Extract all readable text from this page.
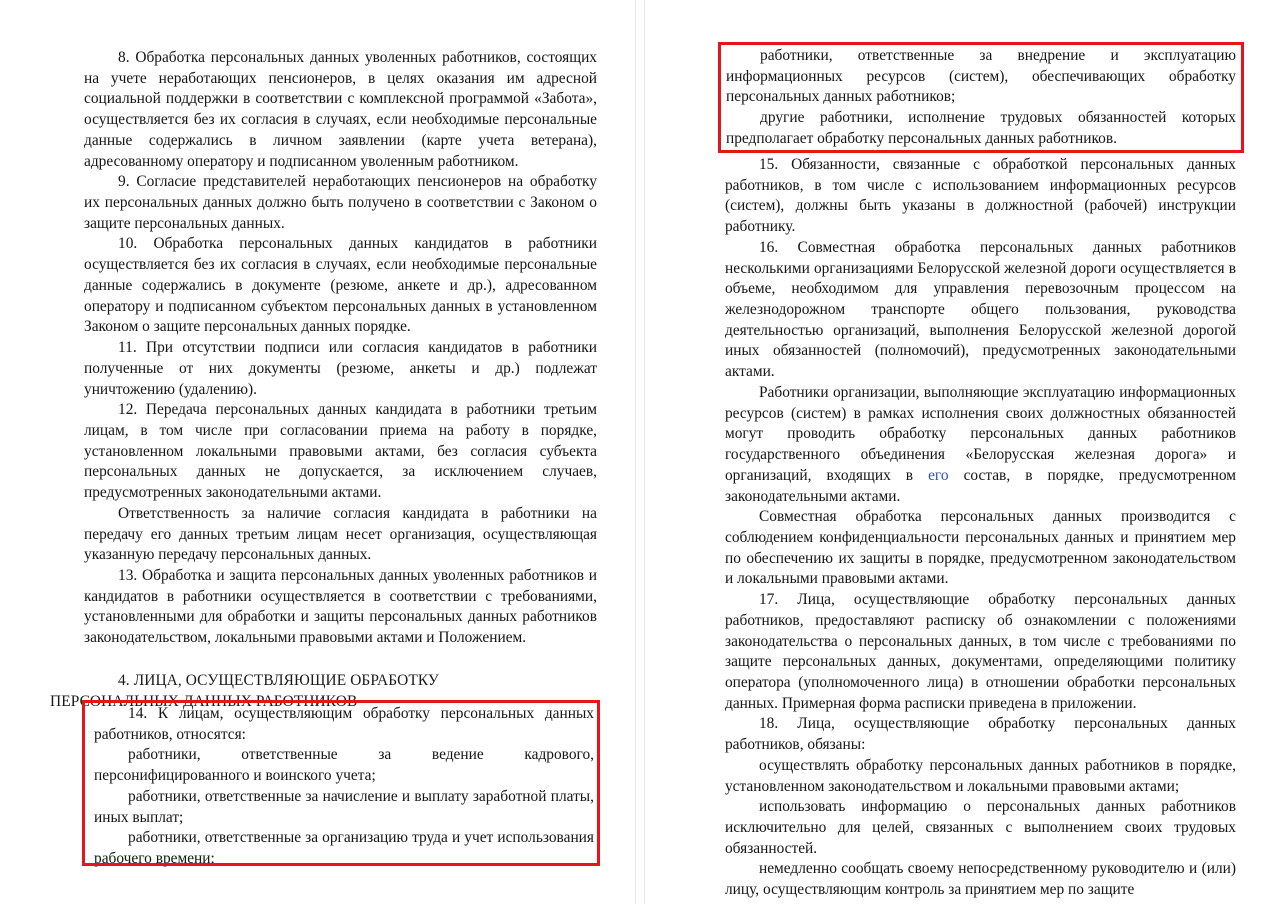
8. Обработка персональных данных уволенных работников, состоящих на учете неработающих пенсионеров, в целях оказания им адресной социальной поддержки в соответствии с комплексной программой «Забота», осуществляется без их согласия в случаях, если необходимые персональные данные содержались в личном заявлении (карте учета ветерана), адресованному оператору и подписанном уволенным работником.

9. Согласие представителей неработающих пенсионеров на обработку их персональных данных должно быть получено в соответствии с Законом о защите персональных данных.

10. Обработка персональных данных кандидатов в работники осуществляется без их согласия в случаях, если необходимые персональные данные содержались в документе (резюме, анкете и др.), адресованном оператору и подписанном субъектом персональных данных в установленном Законом о защите персональных данных порядке.

11. При отсутствии подписи или согласия кандидатов в работники полученные от них документы (резюме, анкеты и др.) подлежат уничтожению (удалению).

12. Передача персональных данных кандидата в работники третьим лицам, в том числе при согласовании приема на работу в порядке, установленном локальными правовыми актами, без согласия субъекта персональных данных не допускается, за исключением случаев, предусмотренных законодательными актами.

Ответственность за наличие согласия кандидата в работники на передачу его данных третьим лицам несет организация, осуществляющая указанную передачу персональных данных.

13. Обработка и защита персональных данных уволенных работников и кандидатов в работники осуществляется в соответствии с требованиями, установленными для обработки и защиты персональных данных работников законодательством, локальными правовыми актами и Положением.

4. ЛИЦА, ОСУЩЕСТВЛЯЮЩИЕ ОБРАБОТКУ
ПЕРСОНАЛЬНЫХ ДАННЫХ РАБОТНИКОВ

15. Обязанности, связанные с обработкой персональных данных работников, в том числе с использованием информационных ресурсов (систем), должны быть указаны в должностной (рабочей) инструкции работнику.

16. Совместная обработка персональных данных работников несколькими организациями Белорусской железной дороги осуществляется в объеме, необходимом для управления перевозочным процессом на железнодорожном транспорте общего пользования, руководства деятельностью организаций, выполнения Белорусской железной дорогой иных обязанностей (полномочий), предусмотренных законодательными актами.

Работники организации, выполняющие эксплуатацию информационных ресурсов (систем) в рамках исполнения своих должностных обязанностей могут проводить обработку персональных данных работников государственного объединения «Белорусская железная дорога» и организаций, входящих в его состав, в порядке, предусмотренном законодательными актами.

Совместная обработка персональных данных производится с соблюдением конфиденциальности персональных данных и принятием мер по обеспечению их защиты в порядке, предусмотренном законодательством и локальными правовыми актами.

17. Лица, осуществляющие обработку персональных данных работников, предоставляют расписку об ознакомлении с положениями законодательства о персональных данных, в том числе с требованиями по защите персональных данных, документами, определяющими политику оператора (уполномоченного лица) в отношении обработки персональных данных. Примерная форма расписки приведена в приложении.

18. Лица, осуществляющие обработку персональных данных работников, обязаны:

осуществлять обработку персональных данных работников в порядке, установленном законодательством и локальными правовыми актами;

использовать информацию о персональных данных работников исключительно для целей, связанных с выполнением своих трудовых обязанностей.

немедленно сообщать своему непосредственному руководителю и (или) лицу, осуществляющим контроль за принятием мер по защите

14. К лицам, осуществляющим обработку персональных данных работников, относятся:

работники, ответственные за ведение кадрового, персонифицированного и воинского учета;

работники, ответственные за начисление и выплату заработной платы, иных выплат;

работники, ответственные за организацию труда и учет использования рабочего времени;

работники, ответственные за внедрение и эксплуатацию информационных ресурсов (систем), обеспечивающих обработку персональных данных работников;

другие работники, исполнение трудовых обязанностей которых предполагает обработку персональных данных работников.
